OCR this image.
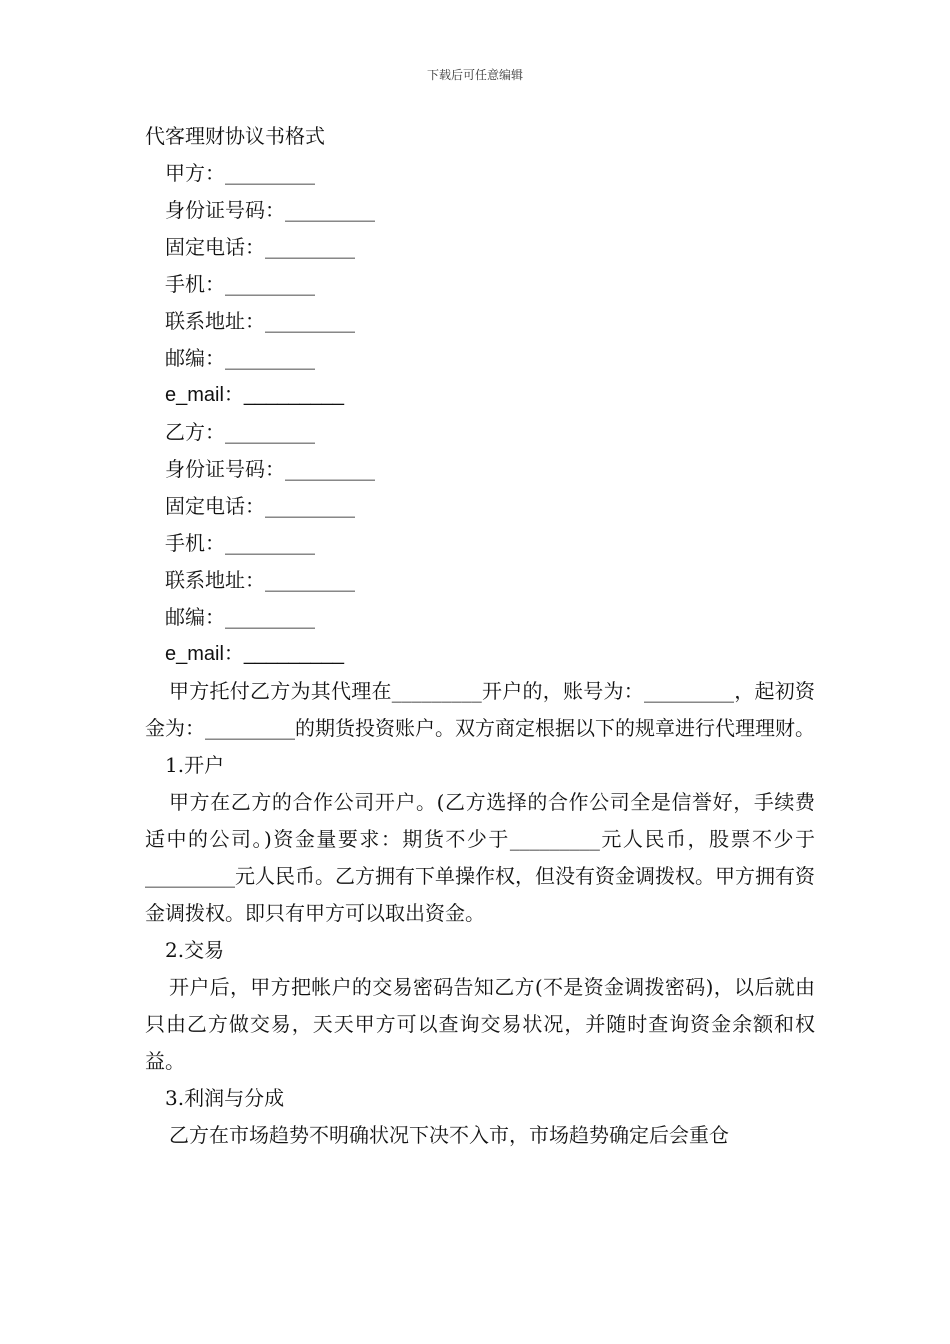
下载后可任意编辑
代客理财协议书格式
甲方：_________
身份证号码：_________
固定电话：_________
手机：_________
联系地址：_________
邮编：_________
e_mail：_________
乙方：_________
身份证号码：_________
固定电话：_________
手机：_________
联系地址：_________
邮编：_________
e_mail：_________

甲方托付乙方为其代理在_________开户的，账号为：_________，起初资金为：_________的期货投资账户。双方商定根据以下的规章进行代理理财。

1.开户

甲方在乙方的合作公司开户。(乙方选择的合作公司全是信誉好，手续费适中的公司。)资金量要求：期货不少于_________元人民币，股票不少于_________元人民币。乙方拥有下单操作权，但没有资金调拨权。甲方拥有资金调拨权。即只有甲方可以取出资金。

2.交易

开户后，甲方把帐户的交易密码告知乙方(不是资金调拨密码)，以后就由只由乙方做交易，天天甲方可以查询交易状况，并随时查询资金余额和权益。

3.利润与分成

乙方在市场趋势不明确状况下决不入市，市场趋势确定后会重仓
